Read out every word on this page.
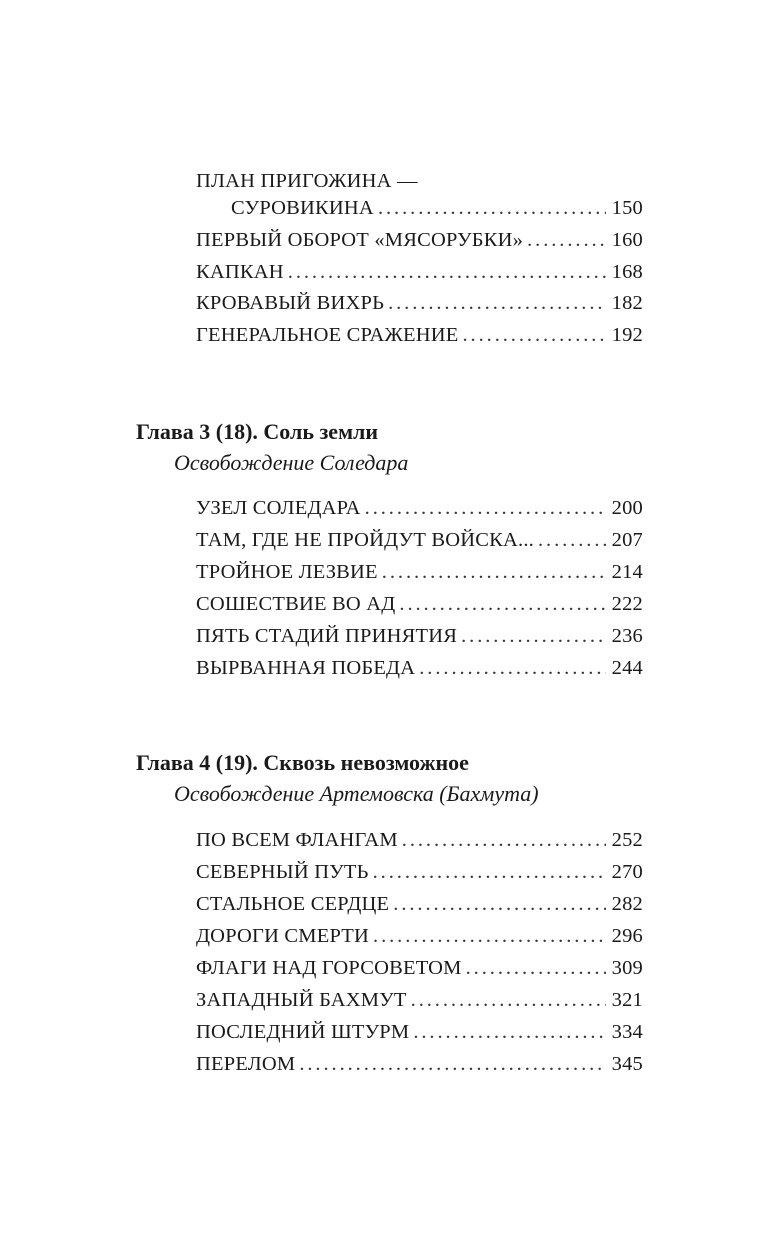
ПЛАН ПРИГОЖИНА —
СУРОВИКИНА . . .	150
ПЕРВЫЙ ОБОРОТ «МЯСОРУБКИ» . . .	160
КАПКАН . . .	168
КРОВАВЫЙ ВИХРЬ . . .	182
ГЕНЕРАЛЬНОЕ СРАЖЕНИЕ . . .	192
Глава 3 (18). Соль земли
Освобождение Соледара
УЗЕЛ СОЛЕДАРА . . .	200
ТАМ, ГДЕ НЕ ПРОЙДУТ ВОЙСКА... . . .	207
ТРОЙНОЕ ЛЕЗВИЕ . . .	214
СОШЕСТВИЕ ВО АД . . .	222
ПЯТЬ СТАДИЙ ПРИНЯТИЯ . . .	236
ВЫРВАННАЯ ПОБЕДА . . .	244
Глава 4 (19). Сквозь невозможное
Освобождение Артемовска (Бахмута)
ПО ВСЕМ ФЛАНГАМ . . .	252
СЕВЕРНЫЙ ПУТЬ . . .	270
СТАЛЬНОЕ СЕРДЦЕ . . .	282
ДОРОГИ СМЕРТИ . . .	296
ФЛАГИ НАД ГОРСОВЕТОМ . . .	309
ЗАПАДНЫЙ БАХМУТ . . .	321
ПОСЛЕДНИЙ ШТУРМ . . .	334
ПЕРЕЛОМ . . .	345
